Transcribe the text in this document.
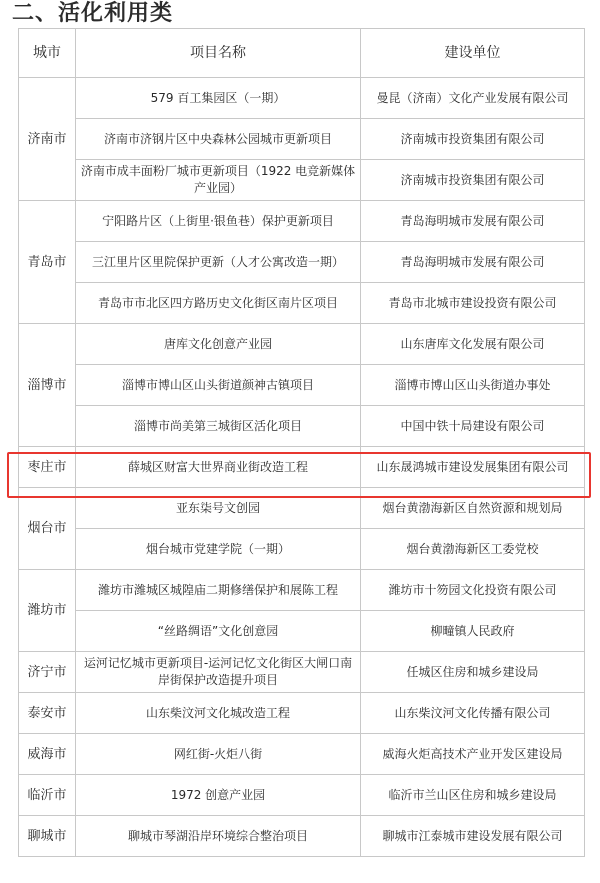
二、活化利用类
城市	项目名称	建设单位
济南市	579 百工集园区（一期）	曼昆（济南）文化产业发展有限公司
	济南市济钢片区中央森林公园城市更新项目	济南城市投资集团有限公司
	济南市成丰面粉厂城市更新项目（1922 电竞新媒体产业园）	济南城市投资集团有限公司
青岛市	宁阳路片区（上街里·银鱼巷）保护更新项目	青岛海明城市发展有限公司
	三江里片区里院保护更新（人才公寓改造一期）	青岛海明城市发展有限公司
	青岛市市北区四方路历史文化街区南片区项目	青岛市北城市建设投资有限公司
淄博市	唐库文化创意产业园	山东唐库文化发展有限公司
	淄博市博山区山头街道颜神古镇项目	淄博市博山区山头街道办事处
	淄博市尚美第三城街区活化项目	中国中铁十局建设有限公司
枣庄市	薛城区财富大世界商业街改造工程	山东晟鸿城市建设发展集团有限公司
烟台市	亚东柒号文创园	烟台黄渤海新区自然资源和规划局
	烟台城市党建学院（一期）	烟台黄渤海新区工委党校
潍坊市	潍坊市潍城区城隍庙二期修缮保护和展陈工程	潍坊市十笏园文化投资有限公司
	“丝路绸语”文化创意园	柳疃镇人民政府
济宁市	运河记忆城市更新项目-运河记忆文化街区大闸口南岸街保护改造提升项目	任城区住房和城乡建设局
泰安市	山东柴汶河文化城改造工程	山东柴汶河文化传播有限公司
威海市	网红街-火炬八街	威海火炬高技术产业开发区建设局
临沂市	1972 创意产业园	临沂市兰山区住房和城乡建设局
聊城市	聊城市琴湖沿岸环境综合整治项目	聊城市江泰城市建设发展有限公司
